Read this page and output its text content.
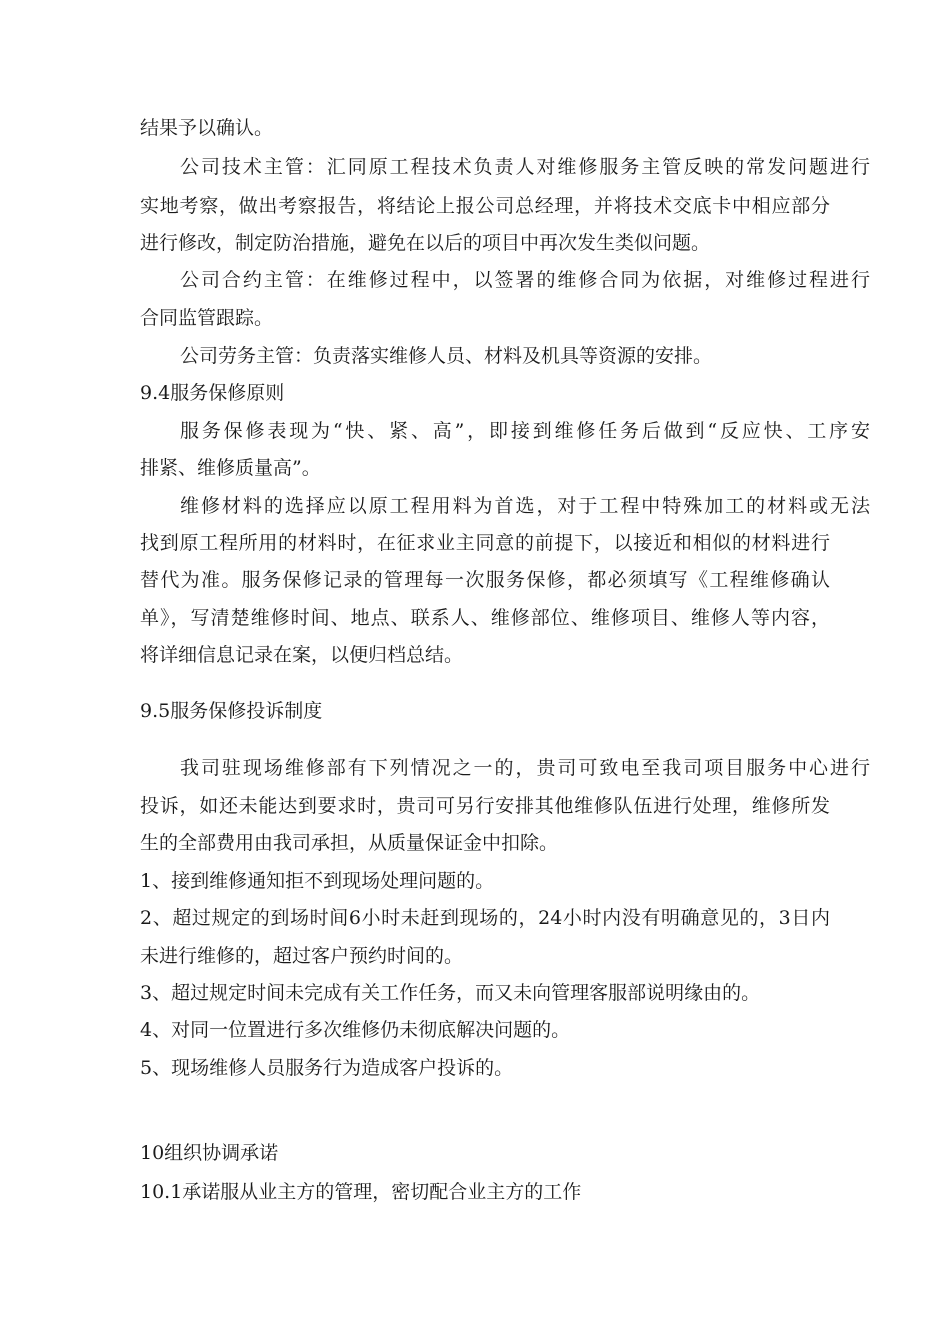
结果予以确认。
公司技术主管：汇同原工程技术负责人对维修服务主管反映的常发问题进行
实地考察，做出考察报告，将结论上报公司总经理，并将技术交底卡中相应部分
进行修改，制定防治措施，避免在以后的项目中再次发生类似问题。
公司合约主管：在维修过程中，以签署的维修合同为依据，对维修过程进行
合同监管跟踪。
公司劳务主管：负责落实维修人员、材料及机具等资源的安排。
9.4服务保修原则
服务保修表现为“快、紧、高”，即接到维修任务后做到“反应快、工序安
排紧、维修质量高”。
维修材料的选择应以原工程用料为首选，对于工程中特殊加工的材料或无法
找到原工程所用的材料时，在征求业主同意的前提下，以接近和相似的材料进行
替代为准。服务保修记录的管理每一次服务保修，都必须填写《工程维修确认
单》，写清楚维修时间、地点、联系人、维修部位、维修项目、维修人等内容，
将详细信息记录在案，以便归档总结。
9.5服务保修投诉制度
我司驻现场维修部有下列情况之一的，贵司可致电至我司项目服务中心进行
投诉，如还未能达到要求时，贵司可另行安排其他维修队伍进行处理，维修所发
生的全部费用由我司承担，从质量保证金中扣除。
1、接到维修通知拒不到现场处理问题的。
2、超过规定的到场时间6小时未赶到现场的，24小时内没有明确意见的，3日内
未进行维修的，超过客户预约时间的。
3、超过规定时间未完成有关工作任务，而又未向管理客服部说明缘由的。
4、对同一位置进行多次维修仍未彻底解决问题的。
5、现场维修人员服务行为造成客户投诉的。
10组织协调承诺
10.1承诺服从业主方的管理，密切配合业主方的工作
